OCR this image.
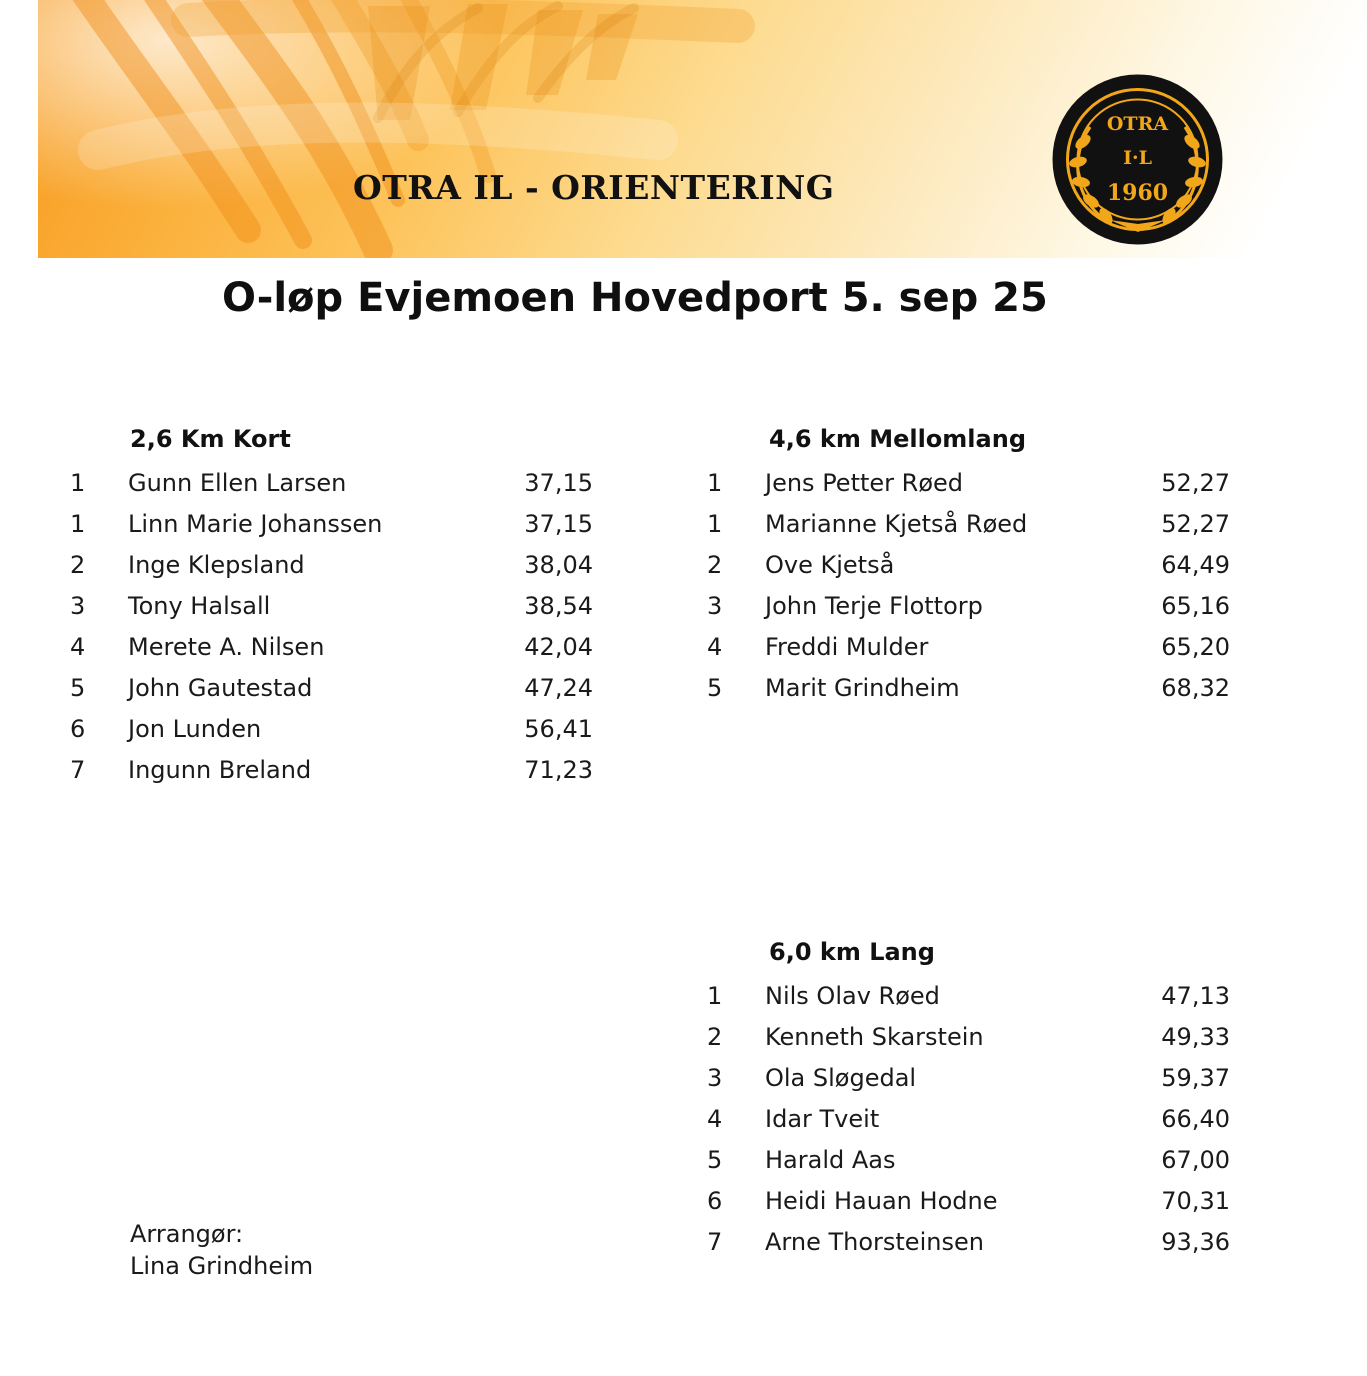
OTRA IL - ORIENTERING
OTRA
I·L
1960
O-løp Evjemoen Hovedport 5. sep 25
2,6 Km Kort
1	Gunn Ellen Larsen	37,15
1	Linn Marie Johanssen	37,15
2	Inge Klepsland	38,04
3	Tony Halsall	38,54
4	Merete A. Nilsen	42,04
5	John Gautestad	47,24
6	Jon Lunden	56,41
7	Ingunn Breland	71,23
4,6 km Mellomlang
1	Jens Petter Røed	52,27
1	Marianne Kjetså Røed	52,27
2	Ove Kjetså	64,49
3	John Terje Flottorp	65,16
4	Freddi Mulder	65,20
5	Marit Grindheim	68,32
6,0 km Lang
1	Nils Olav Røed	47,13
2	Kenneth Skarstein	49,33
3	Ola Sløgedal	59,37
4	Idar Tveit	66,40
5	Harald Aas	67,00
6	Heidi Hauan Hodne	70,31
7	Arne Thorsteinsen	93,36
Arrangør:
Lina Grindheim
